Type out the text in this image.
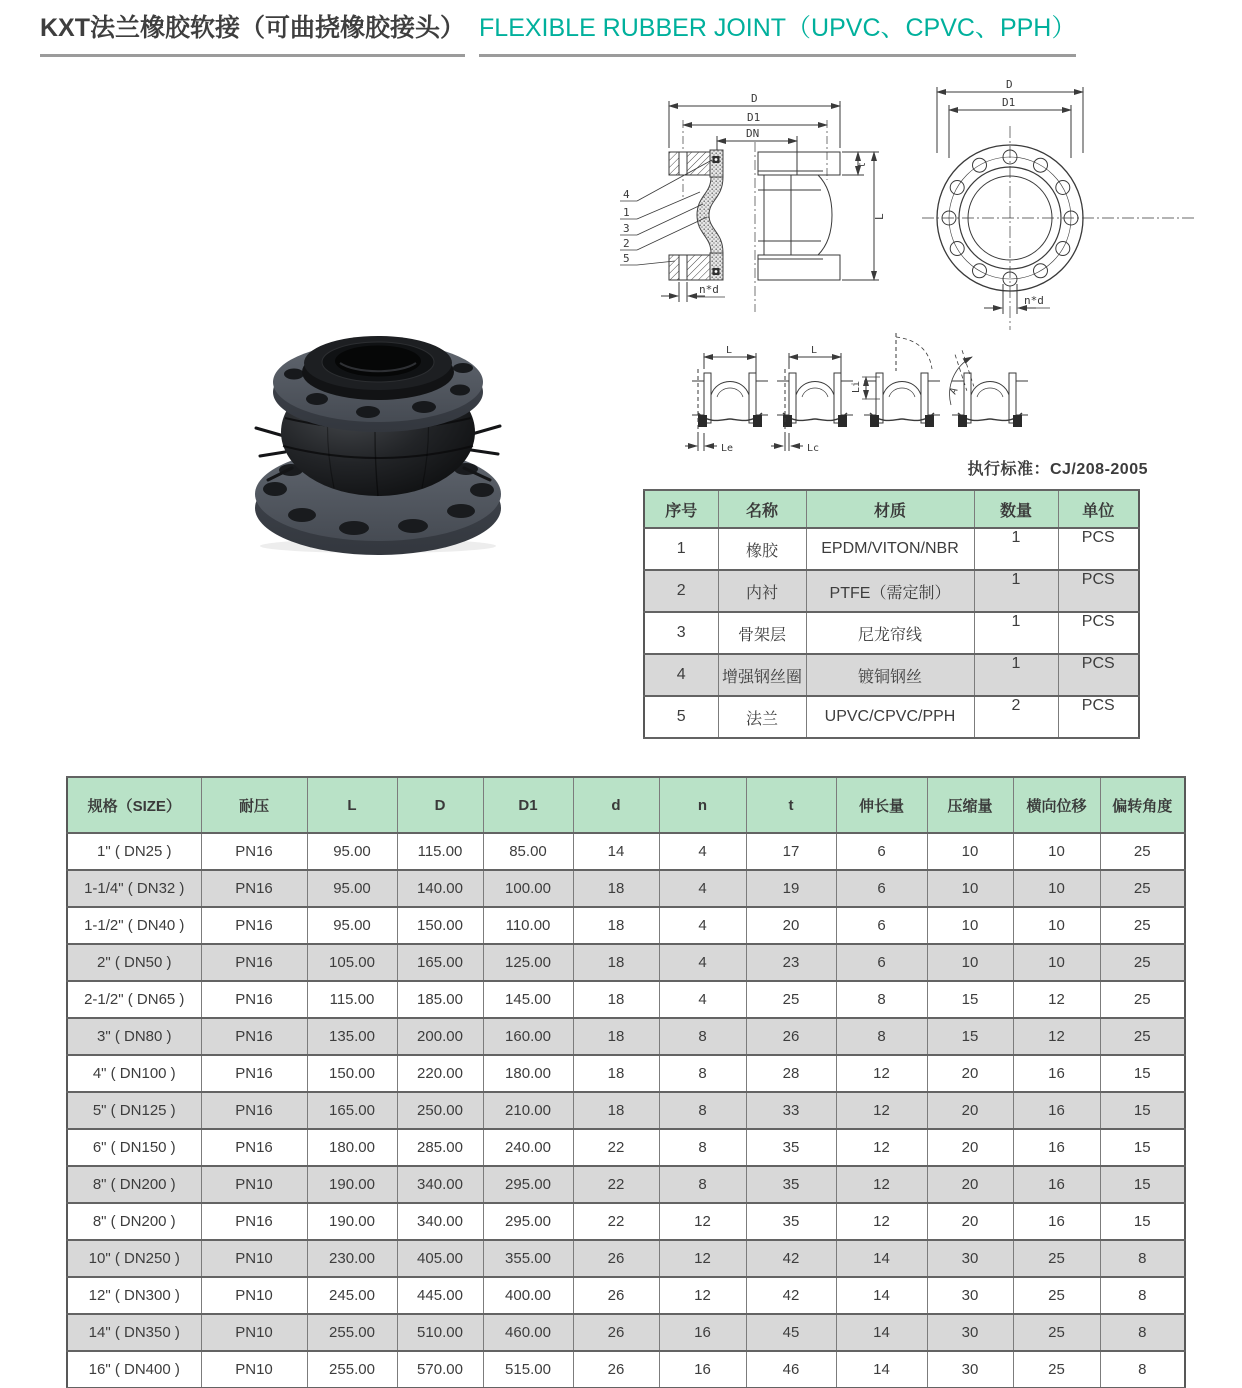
KXT法兰橡胶软接（可曲挠橡胶接头） FLEXIBLE RUBBER JOINT（UPVC、CPVC、PPH）
D
D1
DN
t
L
n*d
4
1
3
2
5
D
D1
n*d
L
Le
L
Lc
Li	A
执行标准：CJ/208-2005
序号	名称	材质	数量	单位
1	橡胶	EPDM/VITON/NBR	1	PCS
2	内衬	PTFE（需定制）	1	PCS
3	骨架层	尼龙帘线	1	PCS
4	增强钢丝圈	镀铜钢丝	1	PCS
5	法兰	UPVC/CPVC/PPH	2	PCS
规格（SIZE）	耐压	L	D	D1	d	n	t	伸长量	压缩量	横向位移	偏转角度
1" ( DN25 )	PN16	95.00	115.00	85.00	14	4	17	6	10	10	25
1-1/4" ( DN32 )	PN16	95.00	140.00	100.00	18	4	19	6	10	10	25
1-1/2" ( DN40 )	PN16	95.00	150.00	110.00	18	4	20	6	10	10	25
2" ( DN50 )	PN16	105.00	165.00	125.00	18	4	23	6	10	10	25
2-1/2" ( DN65 )	PN16	115.00	185.00	145.00	18	4	25	8	15	12	25
3" ( DN80 )	PN16	135.00	200.00	160.00	18	8	26	8	15	12	25
4" ( DN100 )	PN16	150.00	220.00	180.00	18	8	28	12	20	16	15
5" ( DN125 )	PN16	165.00	250.00	210.00	18	8	33	12	20	16	15
6" ( DN150 )	PN16	180.00	285.00	240.00	22	8	35	12	20	16	15
8" ( DN200 )	PN10	190.00	340.00	295.00	22	8	35	12	20	16	15
8" ( DN200 )	PN16	190.00	340.00	295.00	22	12	35	12	20	16	15
10" ( DN250 )	PN10	230.00	405.00	355.00	26	12	42	14	30	25	8
12" ( DN300 )	PN10	245.00	445.00	400.00	26	12	42	14	30	25	8
14" ( DN350 )	PN10	255.00	510.00	460.00	26	16	45	14	30	25	8
16" ( DN400 )	PN10	255.00	570.00	515.00	26	16	46	14	30	25	8
